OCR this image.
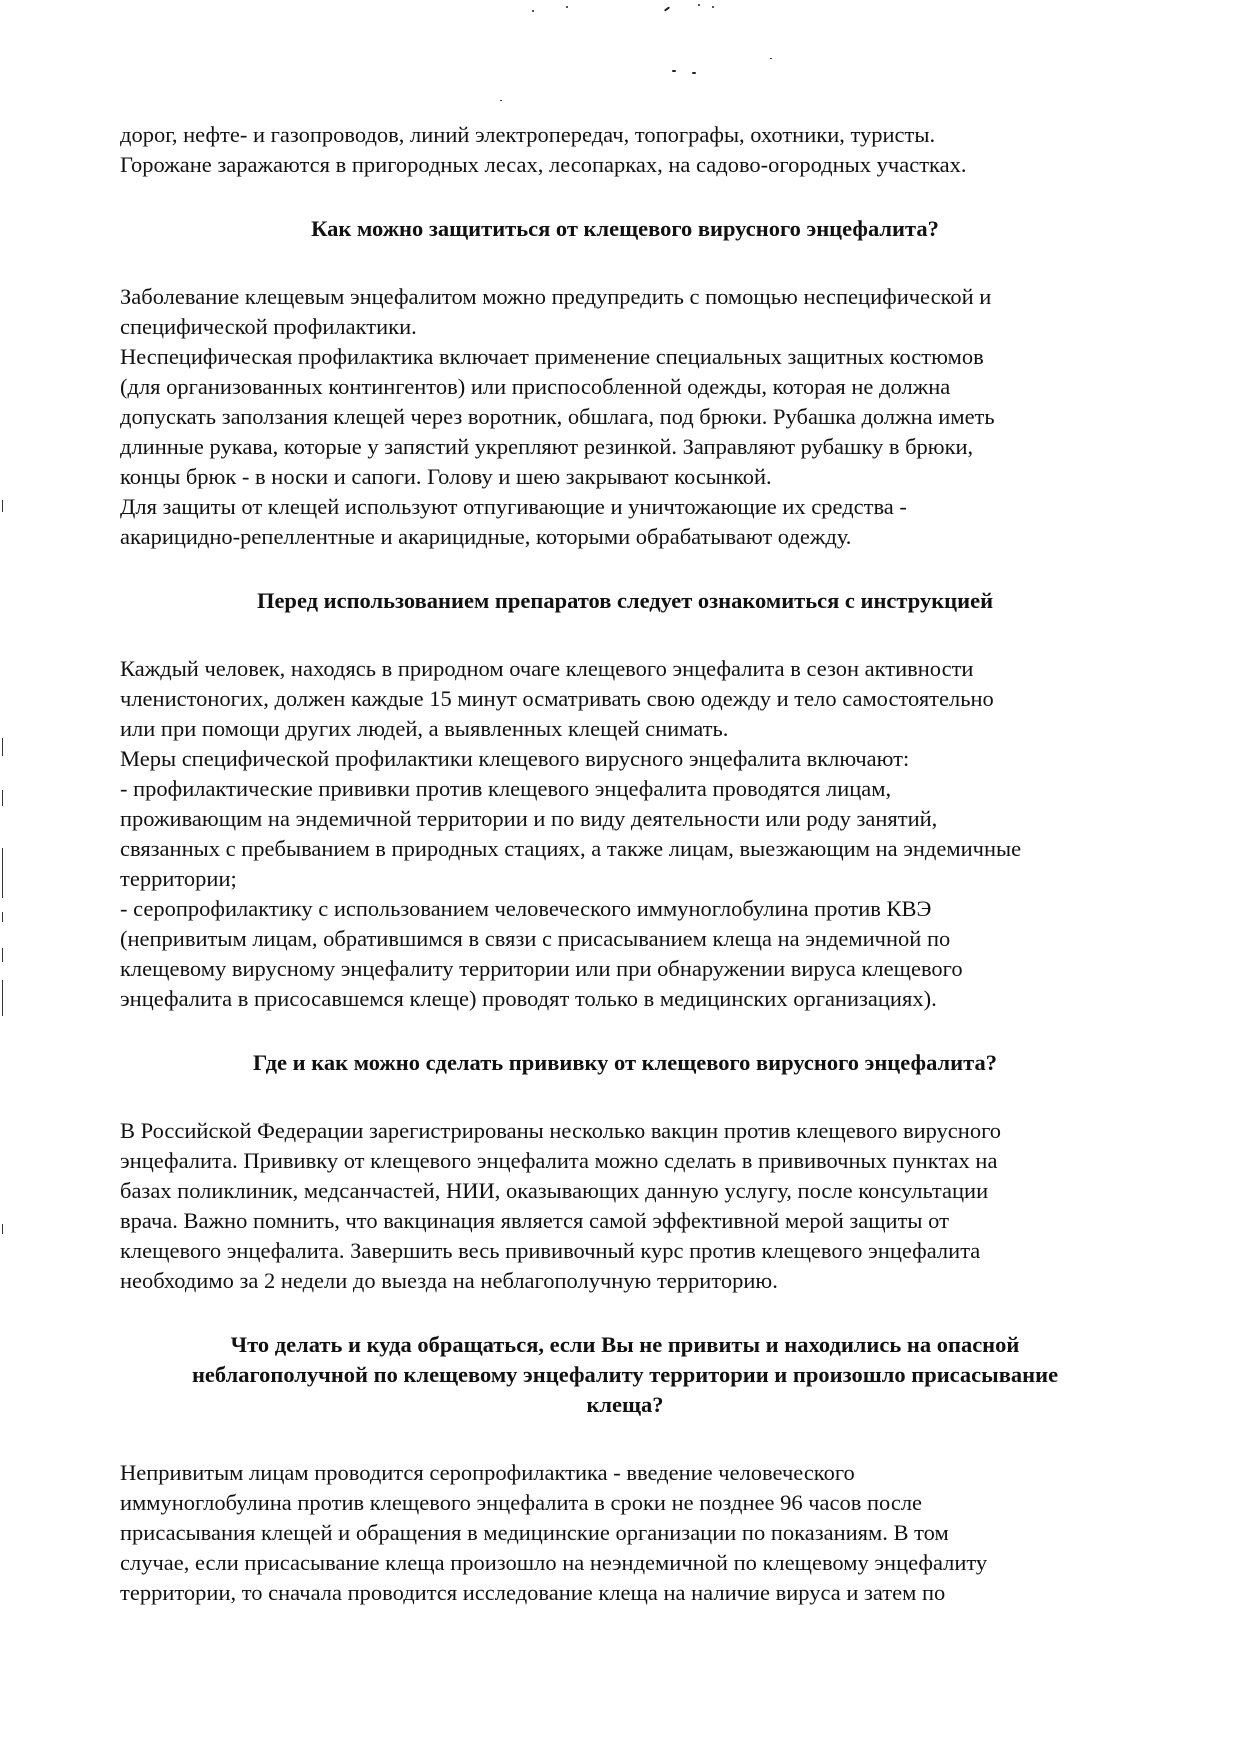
дорог, нефте- и газопроводов, линий электропередач, топографы, охотники, туристы.
Горожане заражаются в пригородных лесах, лесопарках, на садово-огородных участках.
Как можно защититься от клещевого вирусного энцефалита?
Заболевание клещевым энцефалитом можно предупредить с помощью неспецифической и
специфической профилактики.
Неспецифическая профилактика включает применение специальных защитных костюмов
(для организованных контингентов) или приспособленной одежды, которая не должна
допускать заползания клещей через воротник, обшлага, под брюки. Рубашка должна иметь
длинные рукава, которые у запястий укрепляют резинкой. Заправляют рубашку в брюки,
концы брюк - в носки и сапоги. Голову и шею закрывают косынкой.
Для защиты от клещей используют отпугивающие и уничтожающие их средства -
акарицидно-репеллентные и акарицидные, которыми обрабатывают одежду.
Перед использованием препаратов следует ознакомиться с инструкцией
Каждый человек, находясь в природном очаге клещевого энцефалита в сезон активности
членистоногих, должен каждые 15 минут осматривать свою одежду и тело самостоятельно
или при помощи других людей, а выявленных клещей снимать.
Меры специфической профилактики клещевого вирусного энцефалита включают:
- профилактические прививки против клещевого энцефалита проводятся лицам,
проживающим на эндемичной территории и по виду деятельности или роду занятий,
связанных с пребыванием в природных стациях, а также лицам, выезжающим на эндемичные
территории;
- серопрофилактику с использованием человеческого иммуноглобулина против КВЭ
(непривитым лицам, обратившимся в связи с присасыванием клеща на эндемичной по
клещевому вирусному энцефалиту территории или при обнаружении вируса клещевого
энцефалита в присосавшемся клеще) проводят только в медицинских организациях).
Где и как можно сделать прививку от клещевого вирусного энцефалита?
В Российской Федерации зарегистрированы несколько вакцин против клещевого вирусного
энцефалита. Прививку от клещевого энцефалита можно сделать в прививочных пунктах на
базах поликлиник, медсанчастей, НИИ, оказывающих данную услугу, после консультации
врача. Важно помнить, что вакцинация является самой эффективной мерой защиты от
клещевого энцефалита. Завершить весь прививочный курс против клещевого энцефалита
необходимо за 2 недели до выезда на неблагополучную территорию.
Что делать и куда обращаться, если Вы не привиты и находились на опасной
неблагополучной по клещевому энцефалиту территории и произошло присасывание
клеща?
Непривитым лицам проводится серопрофилактика - введение человеческого
иммуноглобулина против клещевого энцефалита в сроки не позднее 96 часов после
присасывания клещей и обращения в медицинские организации по показаниям. В том
случае, если присасывание клеща произошло на неэндемичной по клещевому энцефалиту
территории, то сначала проводится исследование клеща на наличие вируса и затем по
